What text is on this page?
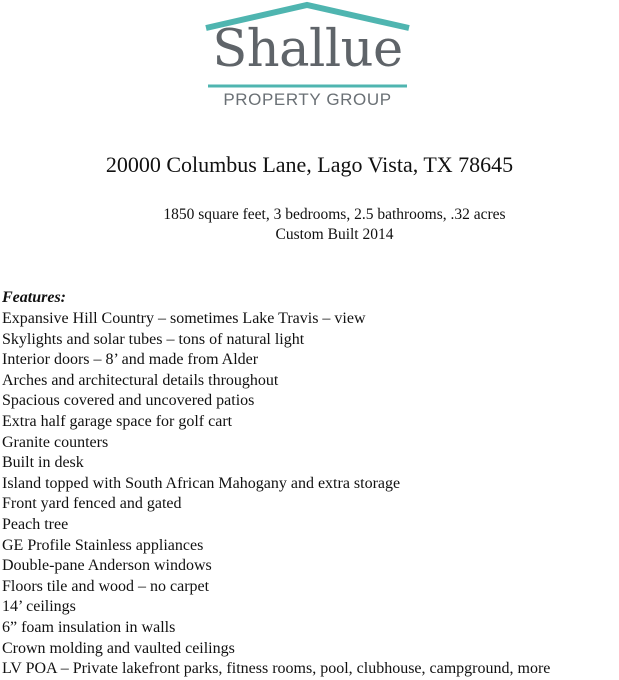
Shallue
PROPERTY GROUP
20000 Columbus Lane, Lago Vista, TX 78645
1850 square feet, 3 bedrooms, 2.5 bathrooms, .32 acres
Custom Built 2014
Features:
Expansive Hill Country – sometimes Lake Travis – view
Skylights and solar tubes – tons of natural light
Interior doors – 8’ and made from Alder
Arches and architectural details throughout
Spacious covered and uncovered patios
Extra half garage space for golf cart
Granite counters
Built in desk
Island topped with South African Mahogany and extra storage
Front yard fenced and gated
Peach tree
GE Profile Stainless appliances
Double-pane Anderson windows
Floors tile and wood – no carpet
14’ ceilings
6” foam insulation in walls
Crown molding and vaulted ceilings
LV POA – Private lakefront parks, fitness rooms, pool, clubhouse, campground, more
